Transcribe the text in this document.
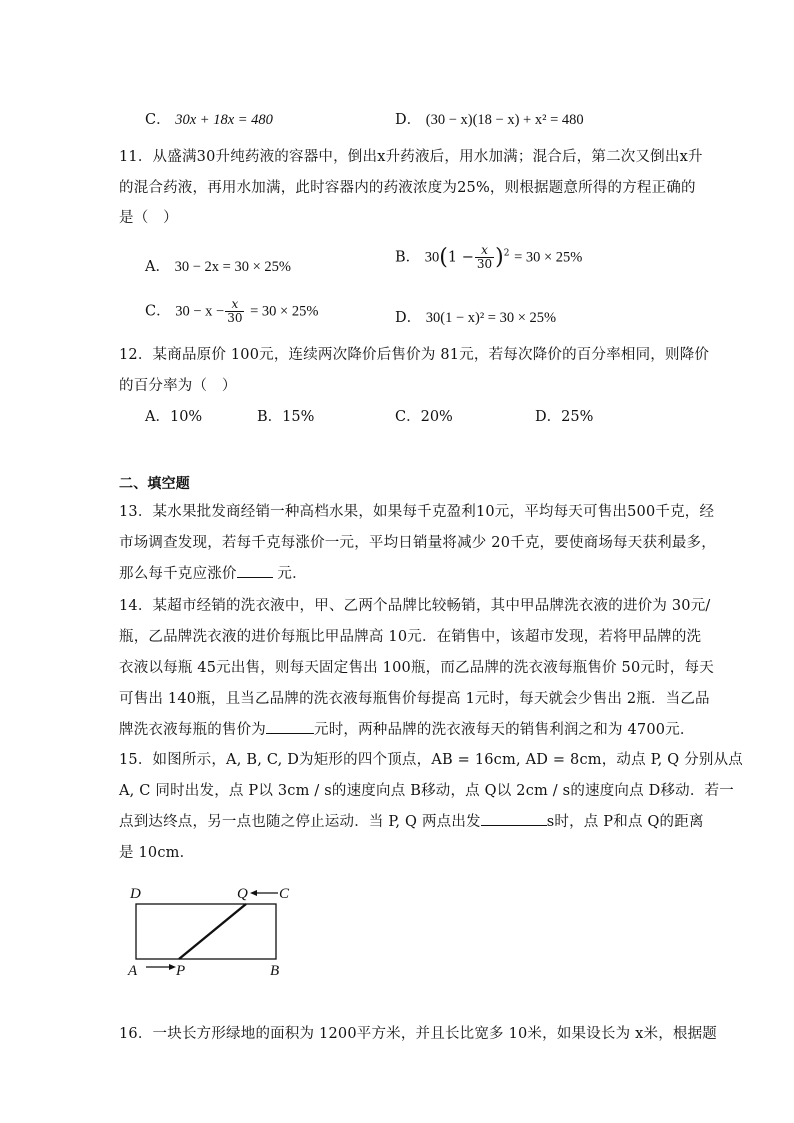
C． 30x + 18x = 480	D． (30 − x)(18 − x) + x² = 480
11．从盛满30升纯药液的容器中，倒出x升药液后，用水加满；混合后，第二次又倒出x升
的混合药液，再用水加满，此时容器内的药液浓度为25%，则根据题意所得的方程正确的
是（　）
A． 30 − 2x = 30 × 25%
B． $30(1 - \frac{x}{30} )^2 = 30 \times 25\%$
C． $30 - x - \frac{x}{30} = 30 \times 25\%$	D． 30(1 − x)² = 30 × 25%
12．某商品原价 100元，连续两次降价后售价为 81元，若每次降价的百分率相同，则降价
的百分率为（　）
A．10%	B．15%	C．20%	D．25%
二、填空题
13．某水果批发商经销一种高档水果，如果每千克盈利10元，平均每天可售出500千克，经
市场调查发现，若每千克每涨价一元，平均日销量将减少 20千克，要使商场每天获利最多，
那么每千克应涨价	元．
14．某超市经销的洗衣液中，甲、乙两个品牌比较畅销，其中甲品牌洗衣液的进价为 30元/
瓶，乙品牌洗衣液的进价每瓶比甲品牌高 10元．在销售中，该超市发现，若将甲品牌的洗
衣液以每瓶 45元出售，则每天固定售出 100瓶，而乙品牌的洗衣液每瓶售价 50元时，每天
可售出 140瓶，且当乙品牌的洗衣液每瓶售价每提高 1元时，每天就会少售出 2瓶．当乙品
牌洗衣液每瓶的售价为	元时，两种品牌的洗衣液每天的销售利润之和为 4700元．
15．如图所示，A, B, C, D为矩形的四个顶点，AB = 16cm, AD = 8cm，动点 P, Q 分别从点
A, C 同时出发，点 P以 3cm / s的速度向点 B移动，点 Q以 2cm / s的速度向点 D移动．若一
点到达终点，另一点也随之停止运动．当 P, Q 两点出发	s时，点 P和点 Q的距离
是 10cm．
D	Q C
A	P	B
16．一块长方形绿地的面积为 1200平方米，并且长比宽多 10米，如果设长为 x米，根据题
